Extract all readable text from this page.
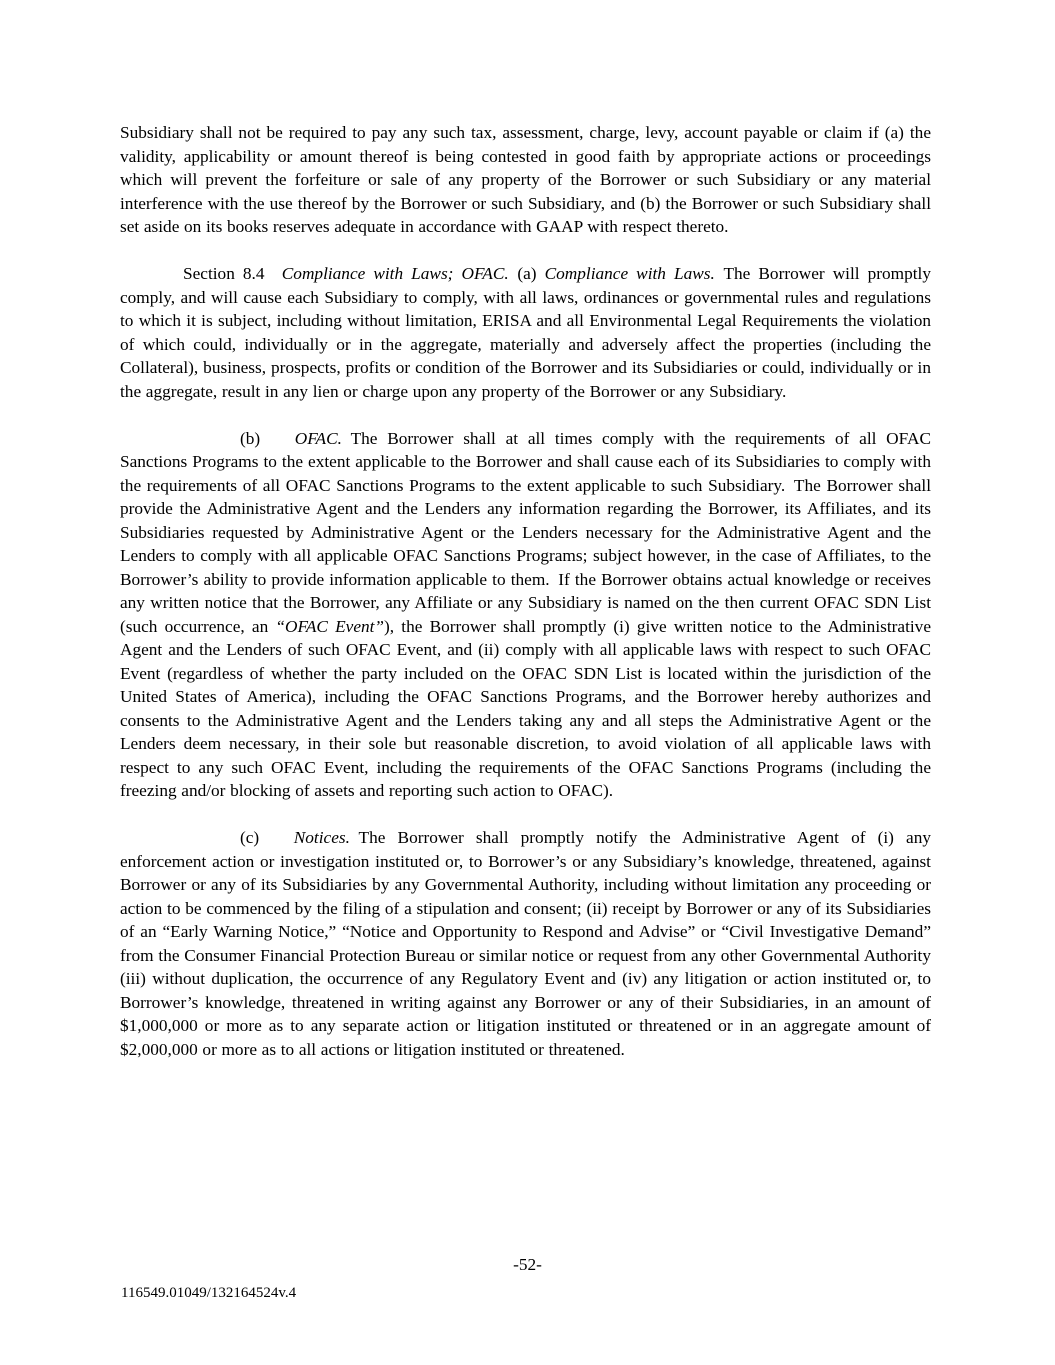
Subsidiary shall not be required to pay any such tax, assessment, charge, levy, account payable or claim if (a) the validity, applicability or amount thereof is being contested in good faith by appropriate actions or proceedings which will prevent the forfeiture or sale of any property of the Borrower or such Subsidiary or any material interference with the use thereof by the Borrower or such Subsidiary, and (b) the Borrower or such Subsidiary shall set aside on its books reserves adequate in accordance with GAAP with respect thereto.

Section 8.4  Compliance with Laws; OFAC. (a) Compliance with Laws. The Borrower will promptly comply, and will cause each Subsidiary to comply, with all laws, ordinances or governmental rules and regulations to which it is subject, including without limitation, ERISA and all Environmental Legal Requirements the violation of which could, individually or in the aggregate, materially and adversely affect the properties (including the Collateral), business, prospects, profits or condition of the Borrower and its Subsidiaries or could, individually or in the aggregate, result in any lien or charge upon any property of the Borrower or any Subsidiary.

(b)   OFAC. The Borrower shall at all times comply with the requirements of all OFAC Sanctions Programs to the extent applicable to the Borrower and shall cause each of its Subsidiaries to comply with the requirements of all OFAC Sanctions Programs to the extent applicable to such Subsidiary. The Borrower shall provide the Administrative Agent and the Lenders any information regarding the Borrower, its Affiliates, and its Subsidiaries requested by Administrative Agent or the Lenders necessary for the Administrative Agent and the Lenders to comply with all applicable OFAC Sanctions Programs; subject however, in the case of Affiliates, to the Borrower’s ability to provide information applicable to them. If the Borrower obtains actual knowledge or receives any written notice that the Borrower, any Affiliate or any Subsidiary is named on the then current OFAC SDN List (such occurrence, an “OFAC Event”), the Borrower shall promptly (i) give written notice to the Administrative Agent and the Lenders of such OFAC Event, and (ii) comply with all applicable laws with respect to such OFAC Event (regardless of whether the party included on the OFAC SDN List is located within the jurisdiction of the United States of America), including the OFAC Sanctions Programs, and the Borrower hereby authorizes and consents to the Administrative Agent and the Lenders taking any and all steps the Administrative Agent or the Lenders deem necessary, in their sole but reasonable discretion, to avoid violation of all applicable laws with respect to any such OFAC Event, including the requirements of the OFAC Sanctions Programs (including the freezing and/or blocking of assets and reporting such action to OFAC).

(c)   Notices. The Borrower shall promptly notify the Administrative Agent of (i) any enforcement action or investigation instituted or, to Borrower’s or any Subsidiary’s knowledge, threatened, against Borrower or any of its Subsidiaries by any Governmental Authority, including without limitation any proceeding or action to be commenced by the filing of a stipulation and consent; (ii) receipt by Borrower or any of its Subsidiaries of an “Early Warning Notice,” “Notice and Opportunity to Respond and Advise” or “Civil Investigative Demand” from the Consumer Financial Protection Bureau or similar notice or request from any other Governmental Authority (iii) without duplication, the occurrence of any Regulatory Event and (iv) any litigation or action instituted or, to Borrower’s knowledge, threatened in writing against any Borrower or any of their Subsidiaries, in an amount of $1,000,000 or more as to any separate action or litigation instituted or threatened or in an aggregate amount of $2,000,000 or more as to all actions or litigation instituted or threatened.

-52-
116549.01049/132164524v.4
